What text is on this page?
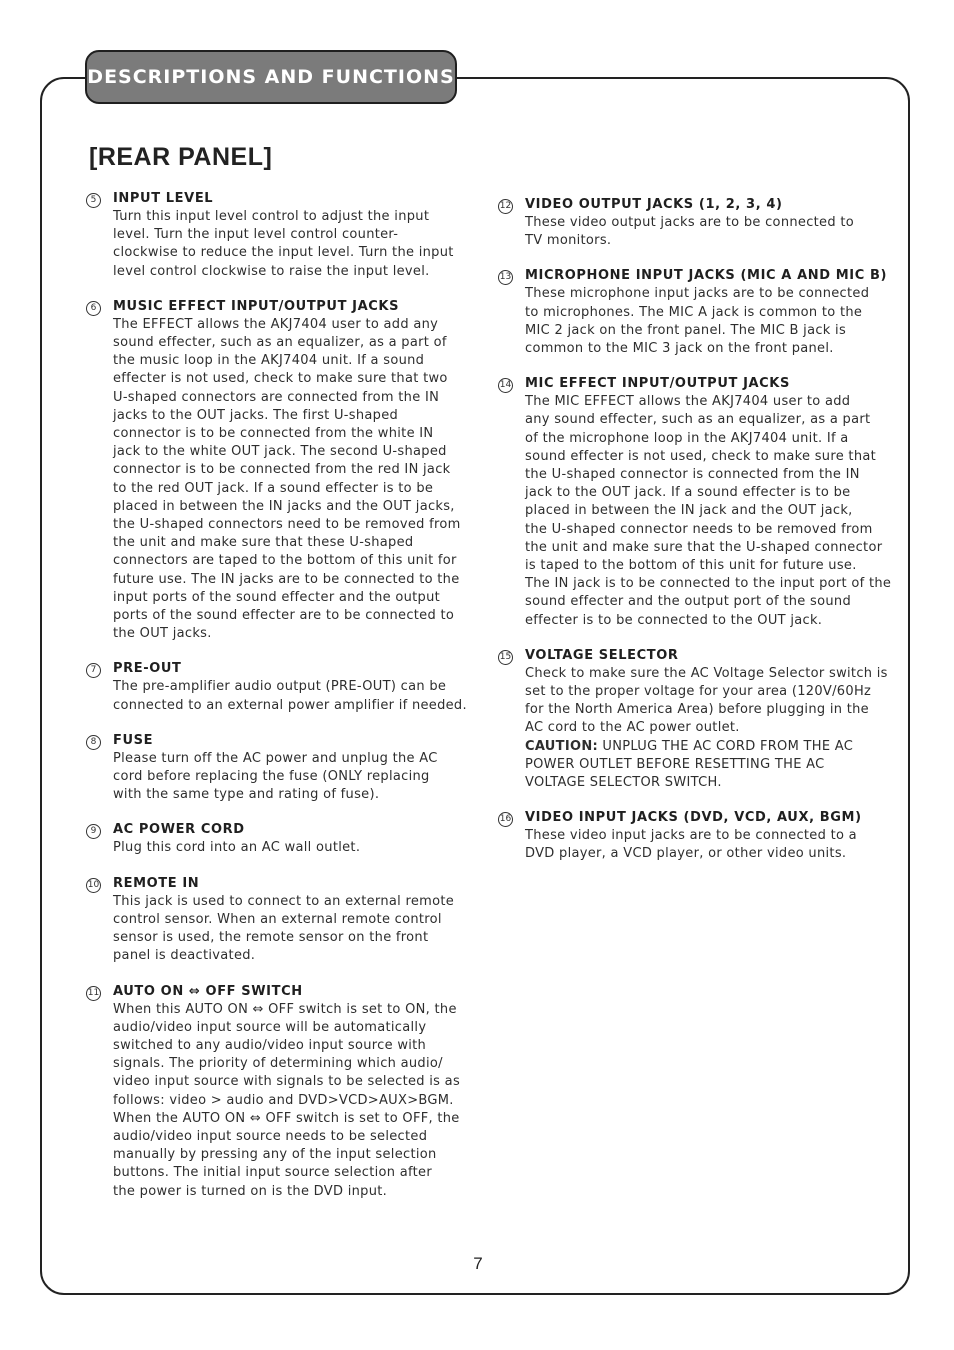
DESCRIPTIONS AND FUNCTIONS
[REAR PANEL]
5	INPUT LEVEL
Turn this input level control to adjust the input
level. Turn the input level control counter-
clockwise to reduce the input level. Turn the input
level control clockwise to raise the input level.
6	MUSIC EFFECT INPUT/OUTPUT JACKS
The EFFECT allows the AKJ7404 user to add any
sound effecter, such as an equalizer, as a part of
the music loop in the AKJ7404 unit. If a sound
effecter is not used, check to make sure that two
U-shaped connectors are connected from the IN
jacks to the OUT jacks. The first U-shaped
connector is to be connected from the white IN
jack to the white OUT jack. The second U-shaped
connector is to be connected from the red IN jack
to the red OUT jack. If a sound effecter is to be
placed in between the IN jacks and the OUT jacks,
the U-shaped connectors need to be removed from
the unit and make sure that these U-shaped
connectors are taped to the bottom of this unit for
future use. The IN jacks are to be connected to the
input ports of the sound effecter and the output
ports of the sound effecter are to be connected to
the OUT jacks.
7	PRE-OUT
The pre-amplifier audio output (PRE-OUT) can be
connected to an external power amplifier if needed.
8	FUSE
Please turn off the AC power and unplug the AC
cord before replacing the fuse (ONLY replacing
with the same type and rating of fuse).
9	AC POWER CORD
Plug this cord into an AC wall outlet.
10 REMOTE IN
This jack is used to connect to an external remote
control sensor. When an external remote control
sensor is used, the remote sensor on the front
panel is deactivated.
11 AUTO ON ⇔ OFF SWITCH
When this AUTO ON ⇔ OFF switch is set to ON, the
audio/video input source will be automatically
switched to any audio/video input source with
signals. The priority of determining which audio/
video input source with signals to be selected is as
follows: video > audio and DVD>VCD>AUX>BGM.
When the AUTO ON ⇔ OFF switch is set to OFF, the
audio/video input source needs to be selected
manually by pressing any of the input selection
buttons. The initial input source selection after
the power is turned on is the DVD input.
12 VIDEO OUTPUT JACKS (1, 2, 3, 4)
These video output jacks are to be connected to
TV monitors.
13 MICROPHONE INPUT JACKS (MIC A AND MIC B)
These microphone input jacks are to be connected
to microphones. The MIC A jack is common to the
MIC 2 jack on the front panel. The MIC B jack is
common to the MIC 3 jack on the front panel.
14 MIC EFFECT INPUT/OUTPUT JACKS
The MIC EFFECT allows the AKJ7404 user to add
any sound effecter, such as an equalizer, as a part
of the microphone loop in the AKJ7404 unit. If a
sound effecter is not used, check to make sure that
the U-shaped connector is connected from the IN
jack to the OUT jack. If a sound effecter is to be
placed in between the IN jack and the OUT jack,
the U-shaped connector needs to be removed from
the unit and make sure that the U-shaped connector
is taped to the bottom of this unit for future use.
The IN jack is to be connected to the input port of the
sound effecter and the output port of the sound
effecter is to be connected to the OUT jack.
15 VOLTAGE SELECTOR
Check to make sure the AC Voltage Selector switch is
set to the proper voltage for your area (120V/60Hz
for the North America Area) before plugging in the
AC cord to the AC power outlet.
CAUTION: UNPLUG THE AC CORD FROM THE AC
POWER OUTLET BEFORE RESETTING THE AC
VOLTAGE SELECTOR SWITCH.
16 VIDEO INPUT JACKS (DVD, VCD, AUX, BGM)
These video input jacks are to be connected to a
DVD player, a VCD player, or other video units.
7
